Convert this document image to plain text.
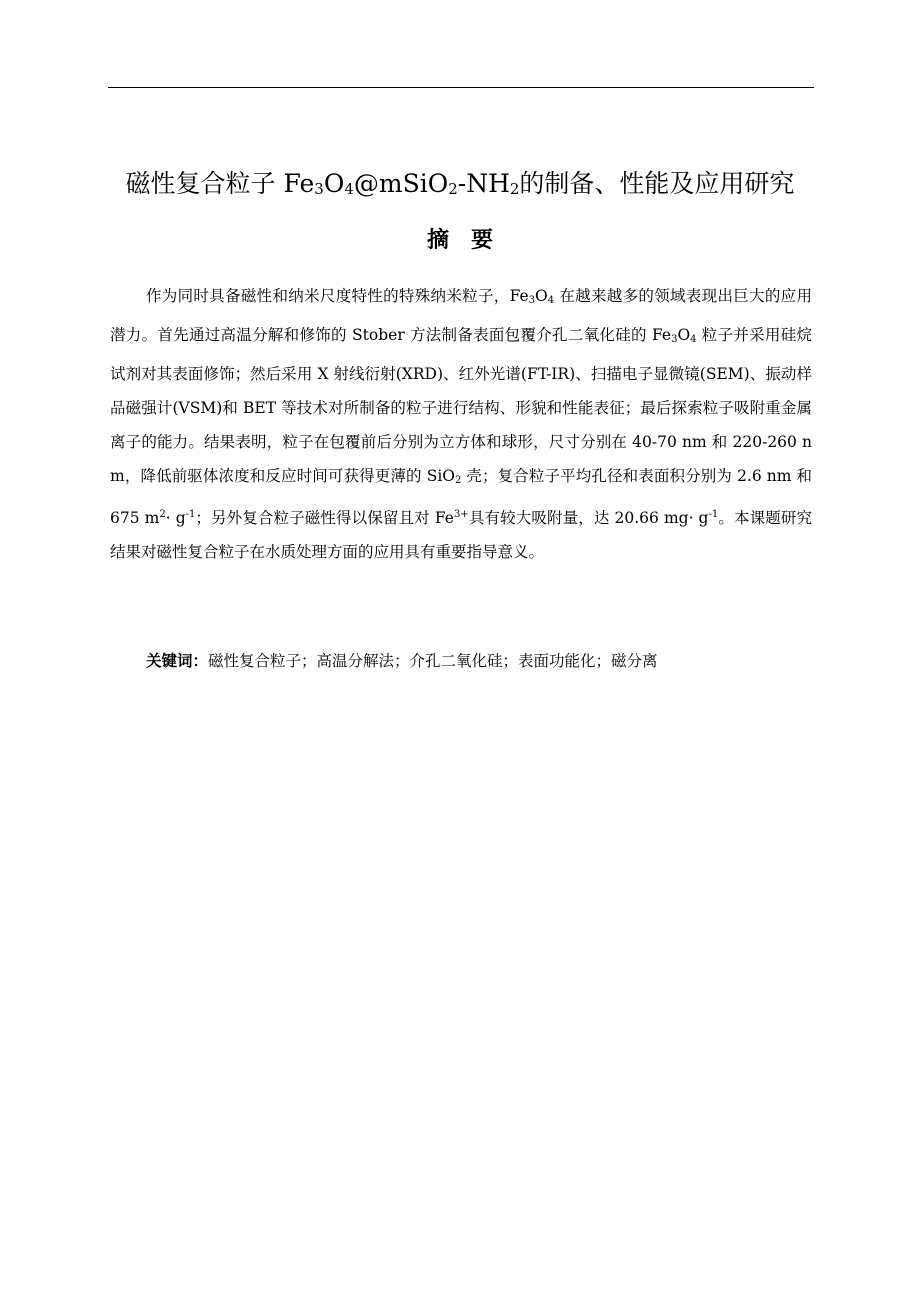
磁性复合粒子 $Fe_3O_4@mSiO_2-NH_2$的制备、性能及应用研究
摘 要
作为同时具备磁性和纳米尺度特性的特殊纳米粒子，$Fe_3O_4$ 在越来越多的领域表现出巨大的应用潜力。首先通过高温分解和修饰的 Stober 方法制备表面包覆介孔二氧化硅的 $Fe_3O_4$ 粒子并采用硅烷试剂对其表面修饰；然后采用 X 射线衍射(XRD)、红外光谱(FT-IR)、扫描电子显微镜(SEM)、振动样品磁强计(VSM)和 BET 等技术对所制备的粒子进行结构、形貌和性能表征；最后探索粒子吸附重金属离子的能力。结果表明，粒子在包覆前后分别为立方体和球形，尺寸分别在 40-70 nm 和 220-260 nm，降低前驱体浓度和反应时间可获得更薄的 SiO$_2$ 壳；复合粒子平均孔径和表面积分别为 2.6 nm 和 675 $m^2\cdot g^{-1}$；另外复合粒子磁性得以保留且对 $Fe^{3+}$具有较大吸附量，达 20.66 $mg\cdot g^{-1}$。本课题研究结果对磁性复合粒子在水质处理方面的应用具有重要指导意义。
关键词：磁性复合粒子；高温分解法；介孔二氧化硅；表面功能化；磁分离
